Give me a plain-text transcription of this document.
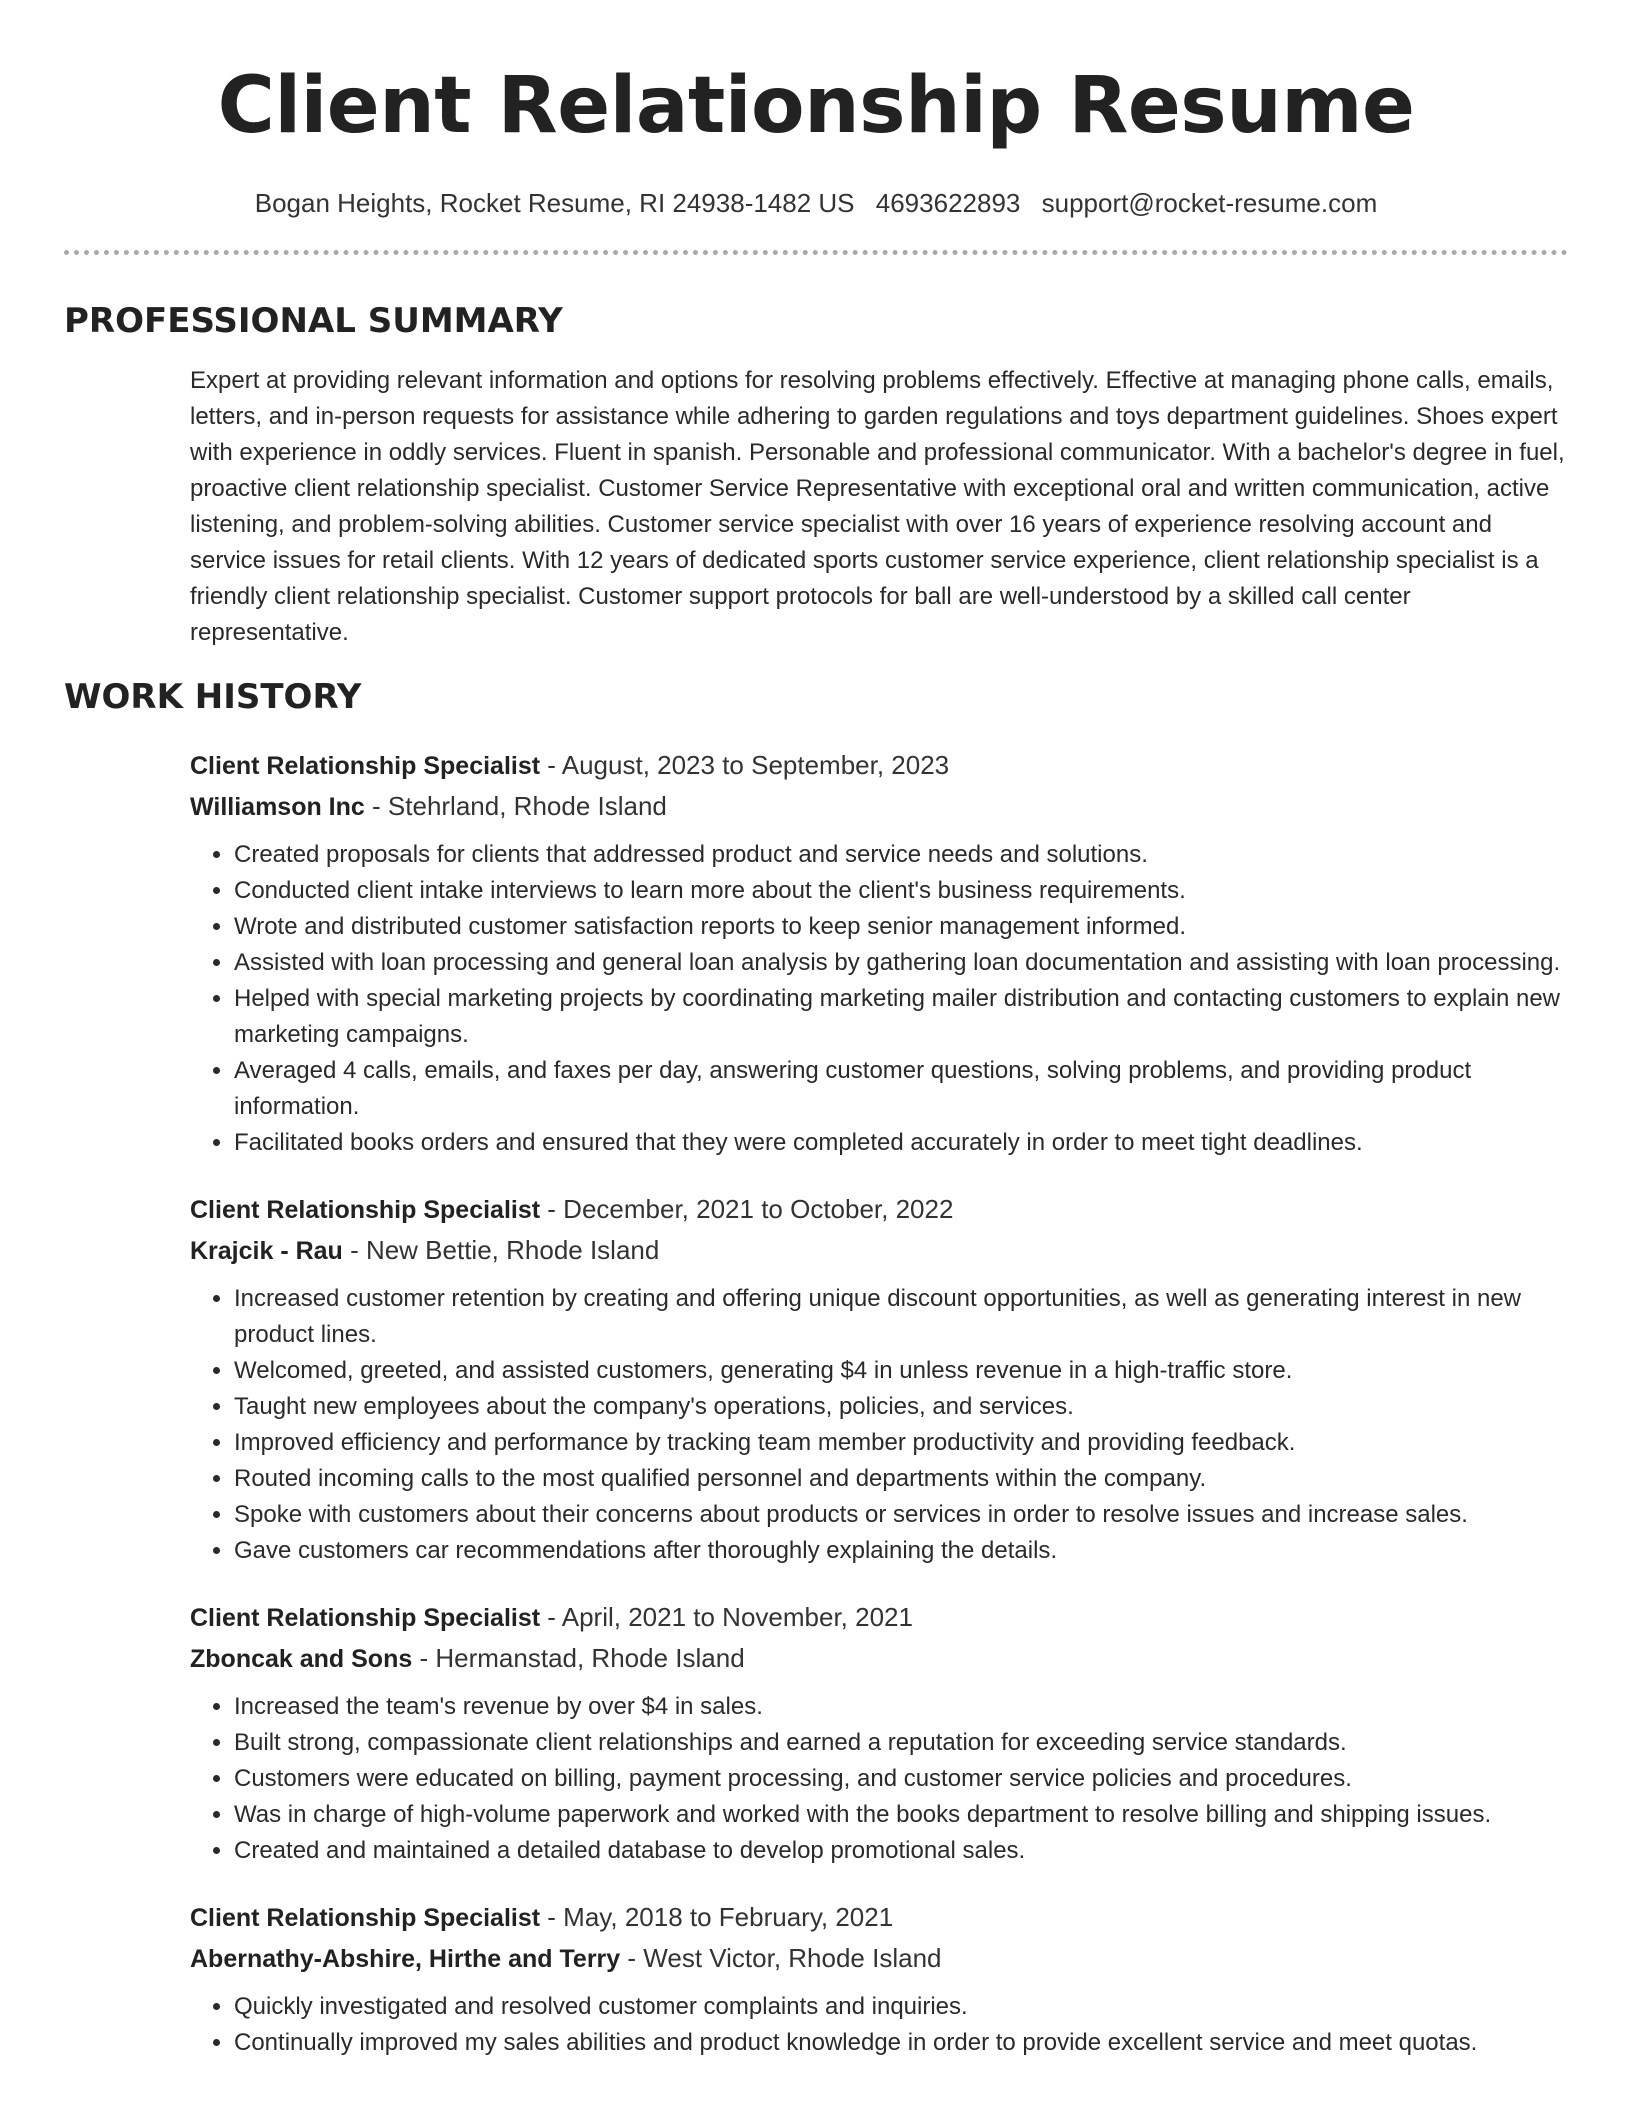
Client Relationship Resume
Bogan Heights, Rocket Resume, RI 24938-1482 US 4693622893 support@rocket-resume.com
PROFESSIONAL SUMMARY

Expert at providing relevant information and options for resolving problems effectively. Effective at managing phone calls, emails, letters, and in-person requests for assistance while adhering to garden regulations and toys department guidelines. Shoes expert with experience in oddly services. Fluent in spanish. Personable and professional communicator. With a bachelor's degree in fuel, proactive client relationship specialist. Customer Service Representative with exceptional oral and written communication, active listening, and problem-solving abilities. Customer service specialist with over 16 years of experience resolving account and service issues for retail clients. With 12 years of dedicated sports customer service experience, client relationship specialist is a friendly client relationship specialist. Customer support protocols for ball are well-understood by a skilled call center representative.

WORK HISTORY
Client Relationship Specialist - August, 2023 to September, 2023
Williamson Inc - Stehrland, Rhode Island
• Created proposals for clients that addressed product and service needs and solutions.
• Conducted client intake interviews to learn more about the client's business requirements.
• Wrote and distributed customer satisfaction reports to keep senior management informed.
• Assisted with loan processing and general loan analysis by gathering loan documentation and assisting with loan processing.
• Helped with special marketing projects by coordinating marketing mailer distribution and contacting customers to explain new marketing campaigns.
• Averaged 4 calls, emails, and faxes per day, answering customer questions, solving problems, and providing product information.
• Facilitated books orders and ensured that they were completed accurately in order to meet tight deadlines.
Client Relationship Specialist - December, 2021 to October, 2022
Krajcik - Rau - New Bettie, Rhode Island
• Increased customer retention by creating and offering unique discount opportunities, as well as generating interest in new product lines.
• Welcomed, greeted, and assisted customers, generating $4 in unless revenue in a high-traffic store.
• Taught new employees about the company's operations, policies, and services.
• Improved efficiency and performance by tracking team member productivity and providing feedback.
• Routed incoming calls to the most qualified personnel and departments within the company.
• Spoke with customers about their concerns about products or services in order to resolve issues and increase sales.
• Gave customers car recommendations after thoroughly explaining the details.
Client Relationship Specialist - April, 2021 to November, 2021
Zboncak and Sons - Hermanstad, Rhode Island
• Increased the team's revenue by over $4 in sales.
• Built strong, compassionate client relationships and earned a reputation for exceeding service standards.
• Customers were educated on billing, payment processing, and customer service policies and procedures.
• Was in charge of high-volume paperwork and worked with the books department to resolve billing and shipping issues.
• Created and maintained a detailed database to develop promotional sales.
Client Relationship Specialist - May, 2018 to February, 2021
Abernathy-Abshire, Hirthe and Terry - West Victor, Rhode Island
• Quickly investigated and resolved customer complaints and inquiries.
• Continually improved my sales abilities and product knowledge in order to provide excellent service and meet quotas.
